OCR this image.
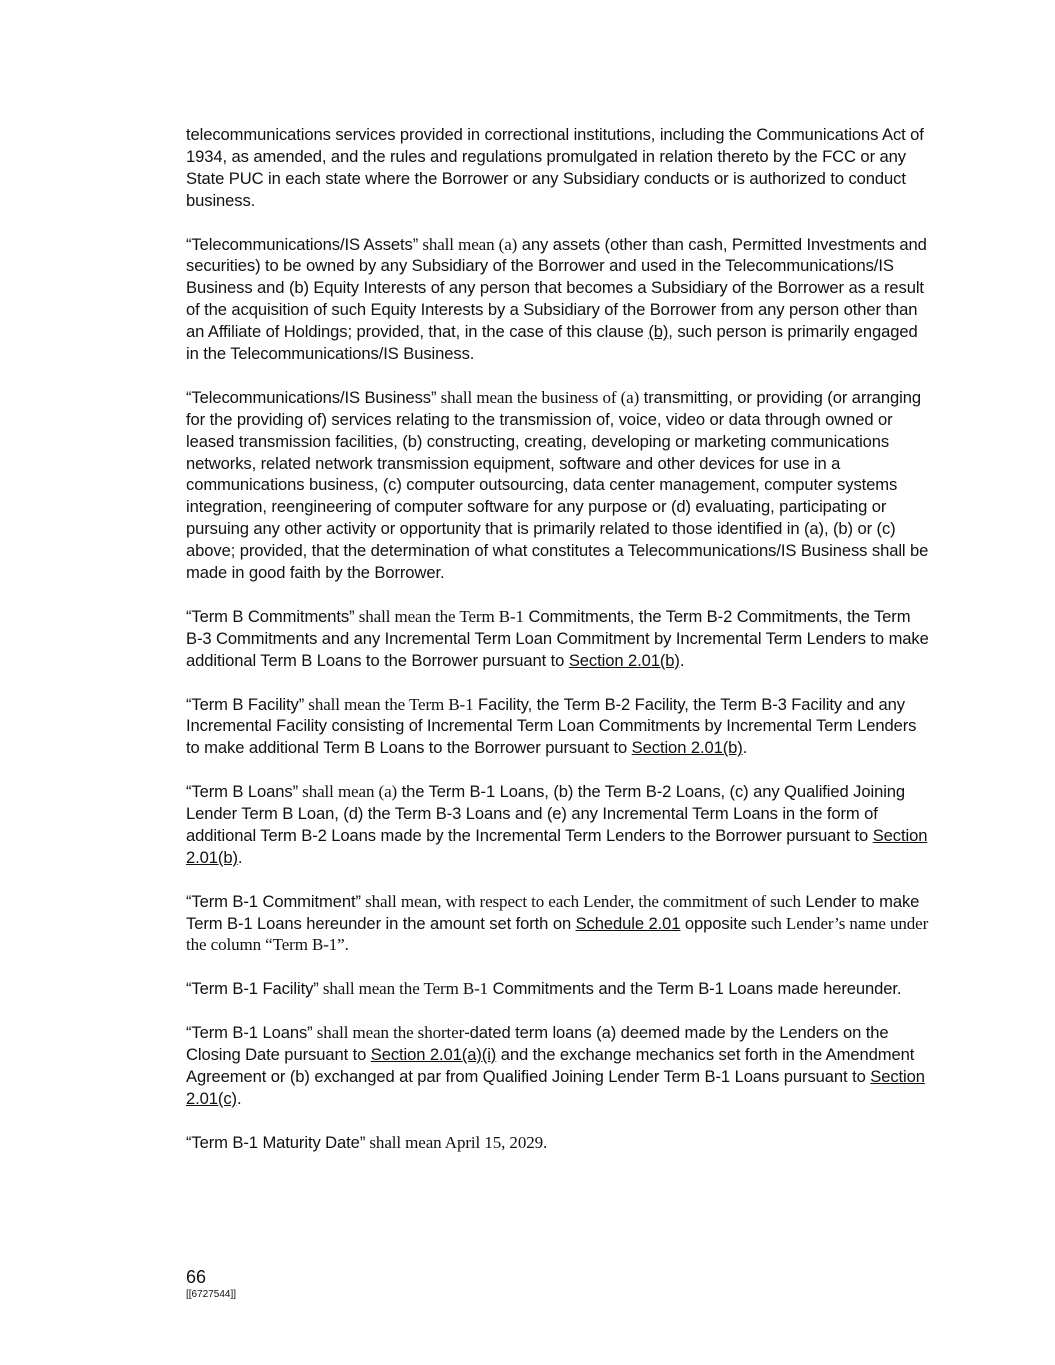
telecommunications services provided in correctional institutions, including the Communications Act of 1934, as amended, and the rules and regulations promulgated in relation thereto by the FCC or any State PUC in each state where the Borrower or any Subsidiary conducts or is authorized to conduct business.

“Telecommunications/IS Assets” shall mean (a) any assets (other than cash, Permitted Investments and securities) to be owned by any Subsidiary of the Borrower and used in the Telecommunications/IS Business and (b) Equity Interests of any person that becomes a Subsidiary of the Borrower as a result of the acquisition of such Equity Interests by a Subsidiary of the Borrower from any person other than an Affiliate of Holdings; provided, that, in the case of this clause (b), such person is primarily engaged in the Telecommunications/IS Business.

“Telecommunications/IS Business” shall mean the business of (a) transmitting, or providing (or arranging for the providing of) services relating to the transmission of, voice, video or data through owned or leased transmission facilities, (b) constructing, creating, developing or marketing communications networks, related network transmission equipment, software and other devices for use in a communications business, (c) computer outsourcing, data center management, computer systems integration, reengineering of computer software for any purpose or (d) evaluating, participating or pursuing any other activity or opportunity that is primarily related to those identified in (a), (b) or (c) above; provided, that the determination of what constitutes a Telecommunications/IS Business shall be made in good faith by the Borrower.

“Term B Commitments” shall mean the Term B-1 Commitments, the Term B-2 Commitments, the Term B-3 Commitments and any Incremental Term Loan Commitment by Incremental Term Lenders to make additional Term B Loans to the Borrower pursuant to Section 2.01(b).

“Term B Facility” shall mean the Term B-1 Facility, the Term B-2 Facility, the Term B-3 Facility and any Incremental Facility consisting of Incremental Term Loan Commitments by Incremental Term Lenders to make additional Term B Loans to the Borrower pursuant to Section 2.01(b).

“Term B Loans” shall mean (a) the Term B-1 Loans, (b) the Term B-2 Loans, (c) any Qualified Joining Lender Term B Loan, (d) the Term B-3 Loans and (e) any Incremental Term Loans in the form of additional Term B-2 Loans made by the Incremental Term Lenders to the Borrower pursuant to Section 2.01(b).

“Term B-1 Commitment” shall mean, with respect to each Lender, the commitment of such Lender to make Term B-1 Loans hereunder in the amount set forth on Schedule 2.01 opposite such Lender’s name under the column “Term B-1”.

“Term B-1 Facility” shall mean the Term B-1 Commitments and the Term B-1 Loans made hereunder.

“Term B-1 Loans” shall mean the shorter-dated term loans (a) deemed made by the Lenders on the Closing Date pursuant to Section 2.01(a)(i) and the exchange mechanics set forth in the Amendment Agreement or (b) exchanged at par from Qualified Joining Lender Term B-1 Loans pursuant to Section 2.01(c).

“Term B-1 Maturity Date” shall mean April 15, 2029.

66
[[6727544]]
